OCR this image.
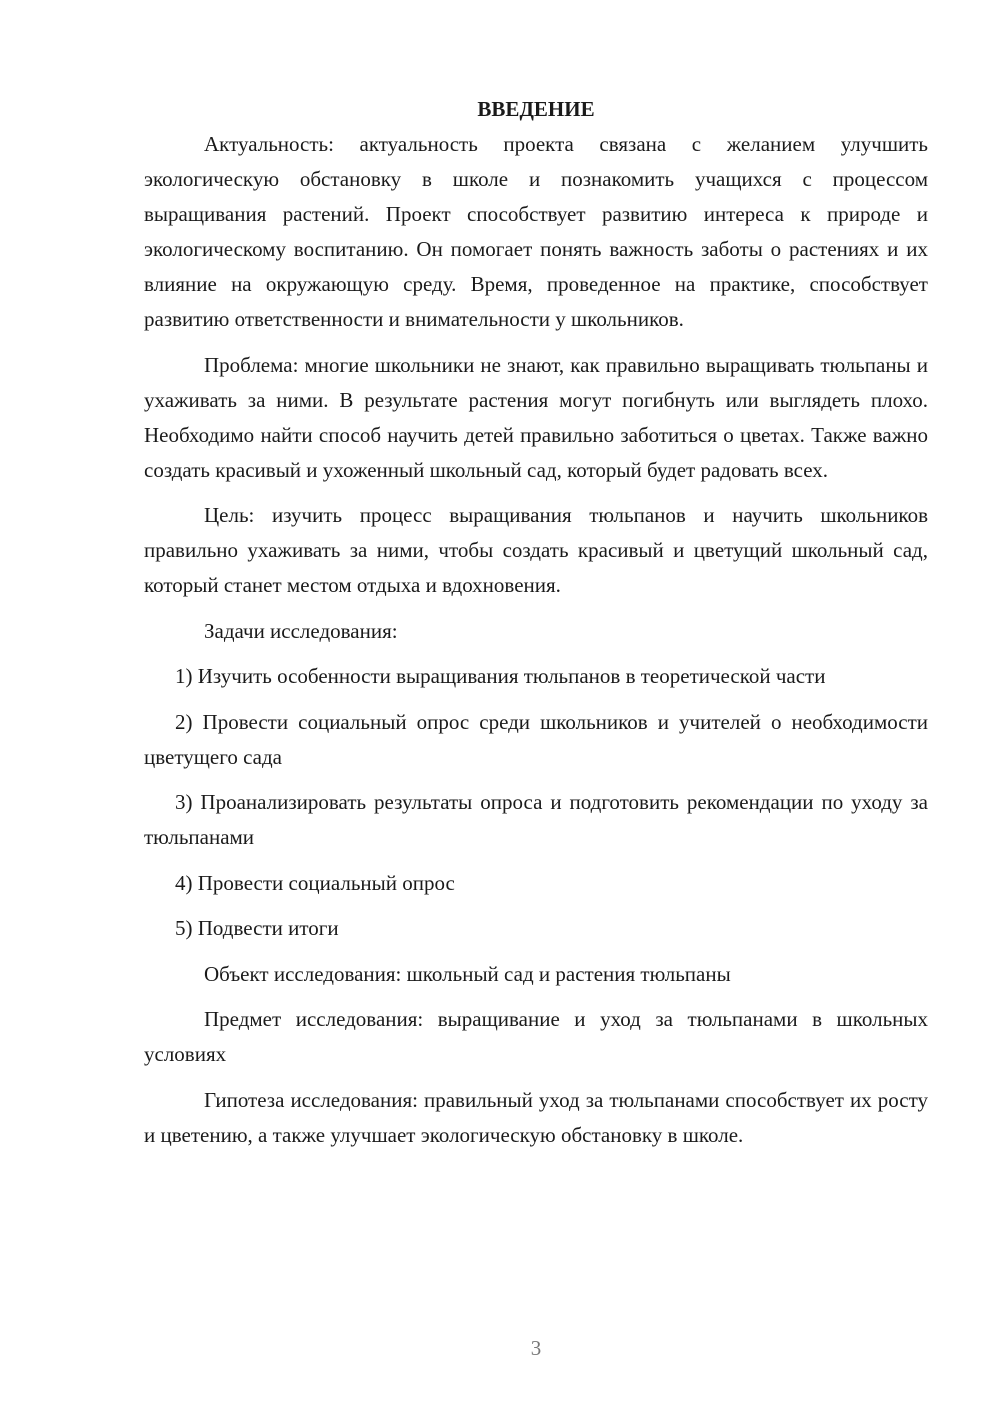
ВВЕДЕНИЕ

Актуальность: актуальность проекта связана с желанием улучшить экологическую обстановку в школе и познакомить учащихся с процессом выращивания растений. Проект способствует развитию интереса к природе и экологическому воспитанию. Он помогает понять важность заботы о растениях и их влияние на окружающую среду. Время, проведенное на практике, способствует развитию ответственности и внимательности у школьников.

Проблема: многие школьники не знают, как правильно выращивать тюльпаны и ухаживать за ними. В результате растения могут погибнуть или выглядеть плохо. Необходимо найти способ научить детей правильно заботиться о цветах. Также важно создать красивый и ухоженный школьный сад, который будет радовать всех.

Цель: изучить процесс выращивания тюльпанов и научить школьников правильно ухаживать за ними, чтобы создать красивый и цветущий школьный сад, который станет местом отдыха и вдохновения.

Задачи исследования:

1) Изучить особенности выращивания тюльпанов в теоретической части

2) Провести социальный опрос среди школьников и учителей о необходимости цветущего сада

3) Проанализировать результаты опроса и подготовить рекомендации по уходу за тюльпанами

4) Провести социальный опрос

5) Подвести итоги

Объект исследования: школьный сад и растения тюльпаны

Предмет исследования: выращивание и уход за тюльпанами в школьных условиях

Гипотеза исследования: правильный уход за тюльпанами способствует их росту и цветению, а также улучшает экологическую обстановку в школе.

3
